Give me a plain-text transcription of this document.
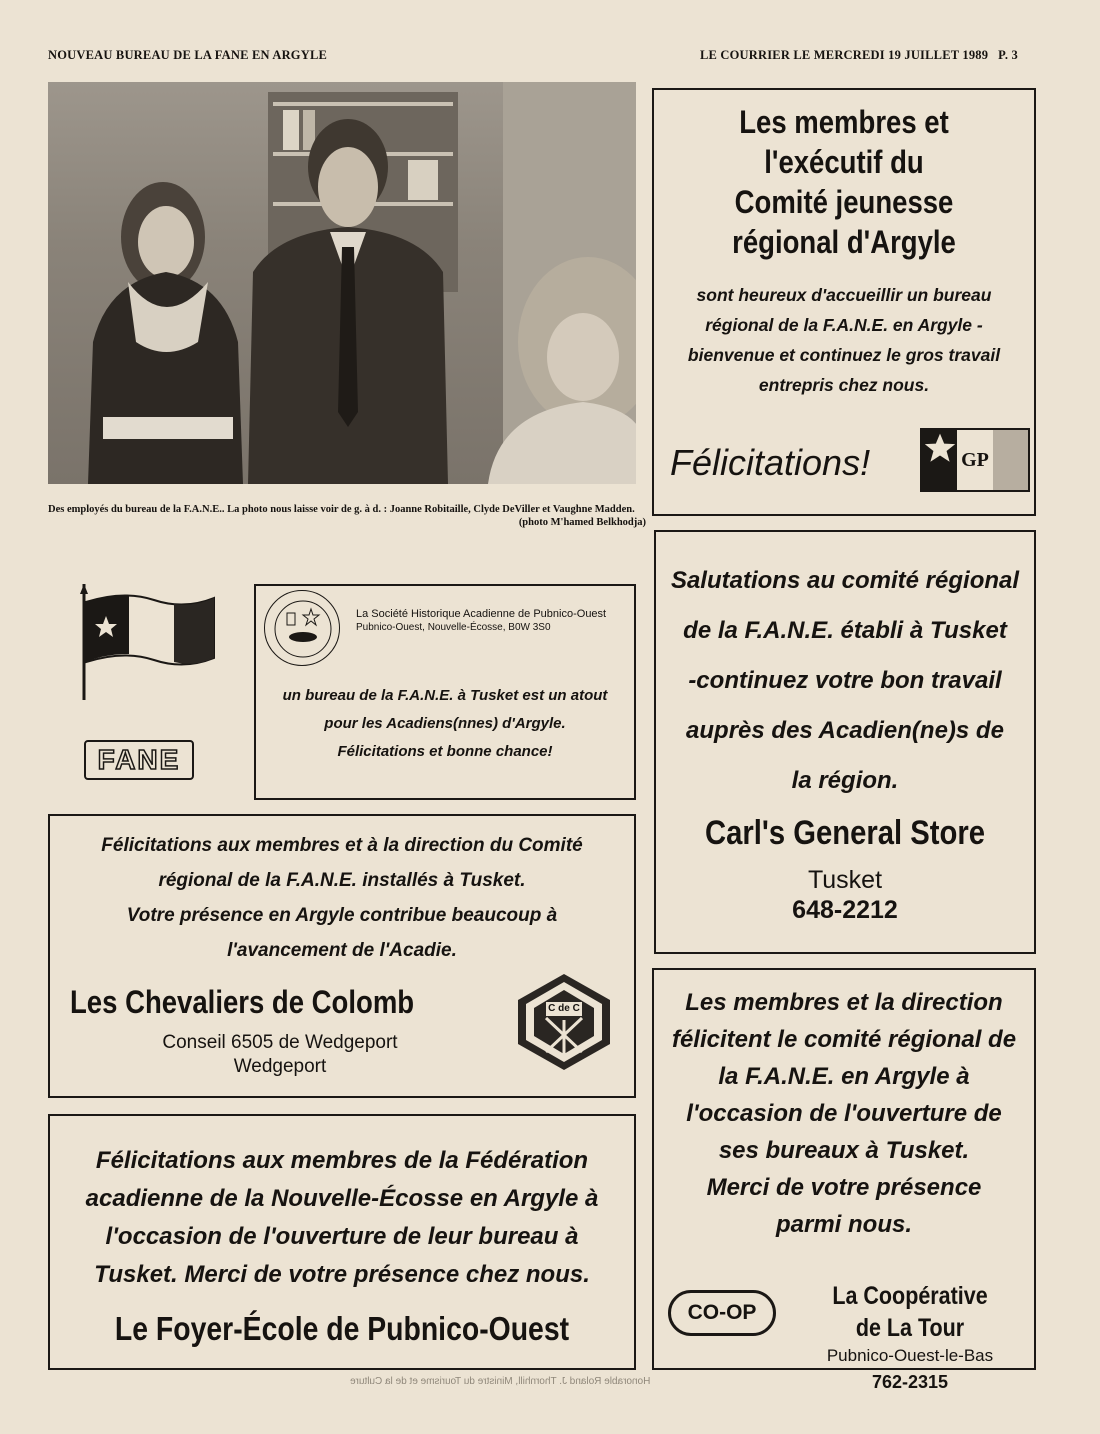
NOUVEAU BUREAU DE LA FANE EN ARGYLE	LE COURRIER LE MERCREDI 19 JUILLET 1989   P. 3
Des employés du bureau de la F.A.N.E.. La photo nous laisse voir de g. à d. : Joanne Robitaille, Clyde DeViller et Vaughne Madden.
(photo M'hamed Belkhodja)
Les membres et
l'exécutif du
Comité jeunesse
régional d'Argyle
sont heureux d'accueillir un bureau
régional de la F.A.N.E. en Argyle -
bienvenue et continuez le gros travail
entrepris chez nous.
Félicitations!	GP
FANE
La Société Historique Acadienne de Pubnico-Ouest
Pubnico-Ouest, Nouvelle-Écosse, B0W 3S0
un bureau de la F.A.N.E. à Tusket est un atout
pour les Acadiens(nnes) d'Argyle.
Félicitations et bonne chance!
Salutations au comité régional
de la F.A.N.E. établi à Tusket
-continuez votre bon travail
auprès des Acadien(ne)s de
la région.
Carl's General Store
Tusket
648-2212
Félicitations aux membres et à la direction du Comité
régional de la F.A.N.E. installés à Tusket.
Votre présence en Argyle contribue beaucoup à
l'avancement de l'Acadie.
Les Chevaliers de Colomb
Conseil 6505 de Wedgeport
Wedgeport
C de C	Les membres et la direction
félicitent le comité régional de
la F.A.N.E. en Argyle à
l'occasion de l'ouverture de
ses bureaux à Tusket.
Merci de votre présence
parmi nous.
CO-OP
La Coopérative
de La Tour
Pubnico-Ouest-le-Bas
762-2315
Félicitations aux membres de la Fédération
acadienne de la Nouvelle-Écosse en Argyle à
l'occasion de l'ouverture de leur bureau à
Tusket. Merci de votre présence chez nous.
Le Foyer-École de Pubnico-Ouest
Honorable Roland J. Thornhill, Ministre du Tourisme et de la Culture
